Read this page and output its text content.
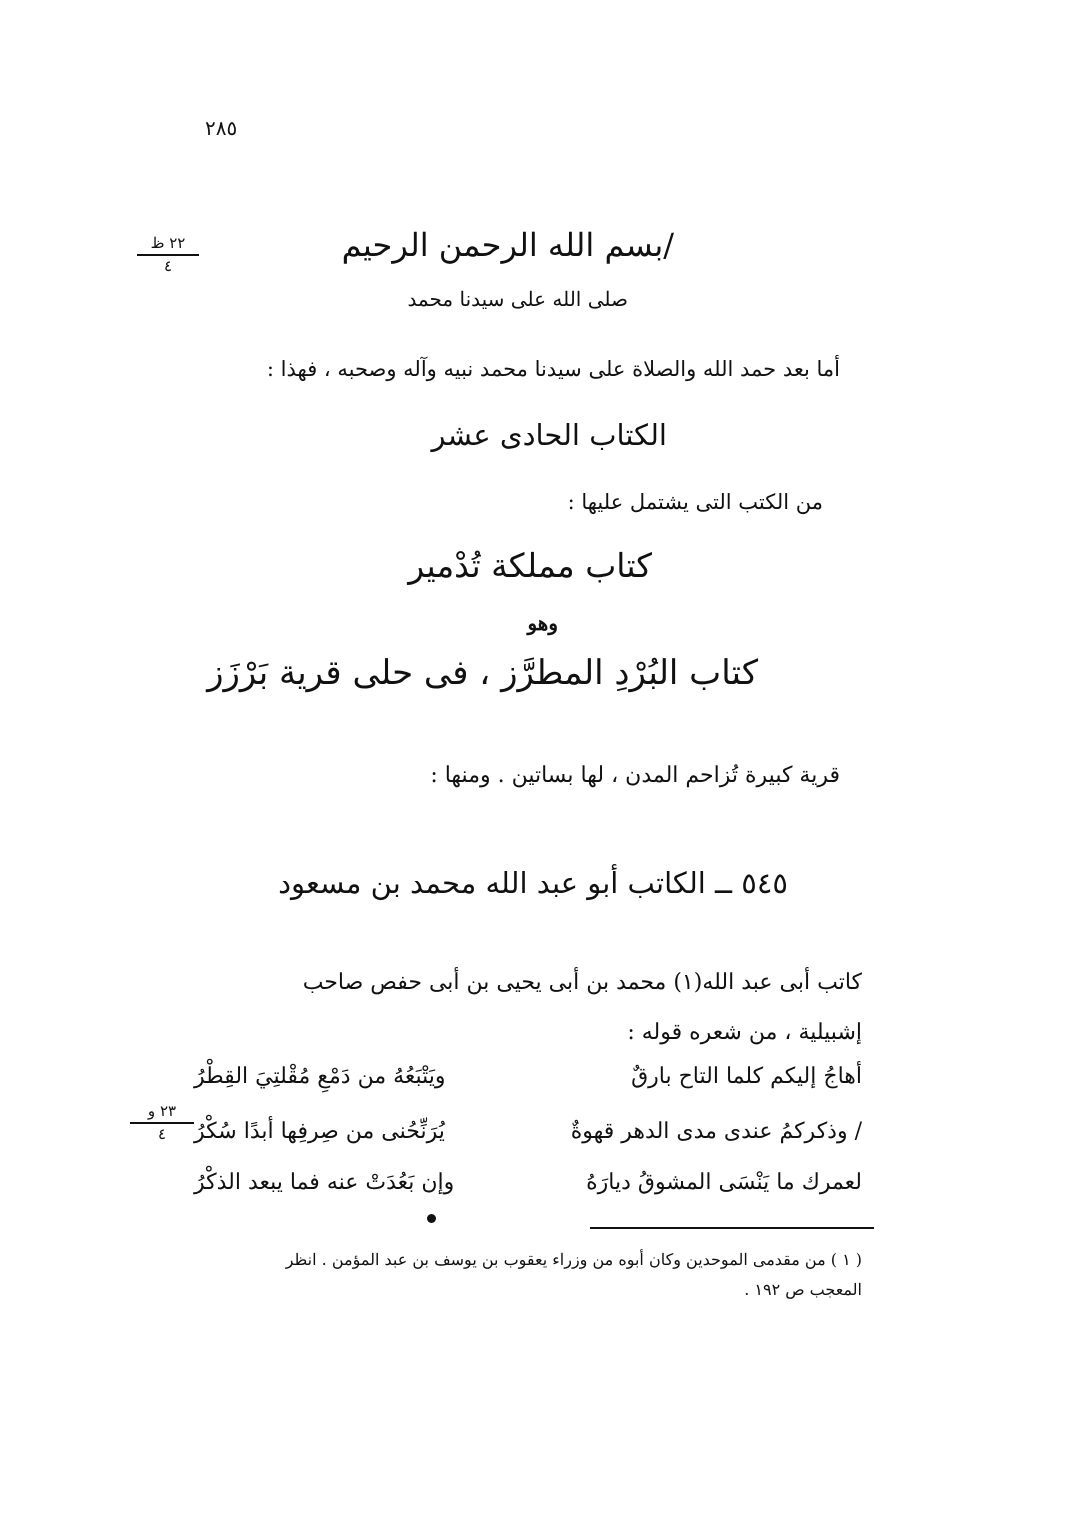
٢٨٥
٢٢ ظ
٤
٢٣ و
٤
/بسم الله الرحمن الرحيم
صلى الله على سيدنا محمد
أما بعد حمد الله والصلاة على سيدنا محمد نبيه وآله وصحبه ، فهذا :
الكتاب الحادى عشر
من الكتب التى يشتمل عليها :
كتاب مملكة تُدْمير
وهو
كتاب البُرْدِ المطرَّز ، فى حلى قرية بَرْزَز
قرية كبيرة تُزاحم المدن ، لها بساتين . ومنها :
٥٤٥ ــ الكاتب أبو عبد الله محمد بن مسعود
كاتب أبى عبد الله(١) محمد بن أبى يحيى بن أبى حفص صاحب
إشبيلية ، من شعره قوله :
أهاجُ إليكم كلما التاح بارقٌ
ويَتْبَعُهُ من دَمْعِ مُقْلتِيَ القِطْرُ
/ وذكركمُ عندى مدى الدهر قهوةٌ
يُرَنِّحُنى من صِرفِها أبدًا سُكْرُ
لعمرك ما يَنْسَى المشوقُ ديارَهُ
وإن بَعُدَتْ عنه فما يبعد الذكْرُ
( ١ ) من مقدمى الموحدين وكان أبوه من وزراء يعقوب بن يوسف بن عبد المؤمن . انظر
المعجب ص ١٩٢ .
